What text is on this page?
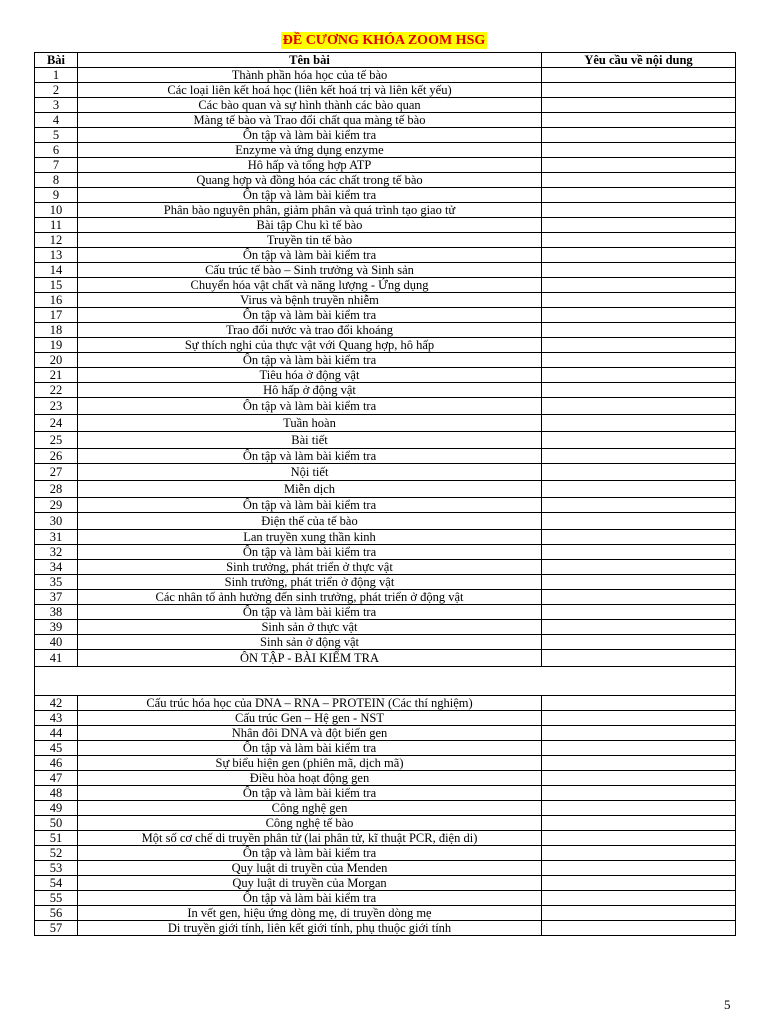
ĐỀ CƯƠNG KHÓA ZOOM HSG
Bài	Tên bài	Yêu cầu về nội dung
1	Thành phần hóa học của tế bào	
2	Các loại liên kết hoá học (liên kết hoá trị và liên kết yếu)	
3	Các bào quan và sự hình thành các bào quan	
4	Màng tế bào và Trao đổi chất qua màng tế bào	
5	Ôn tập và làm bài kiểm tra	
6	Enzyme và ứng dụng enzyme	
7	Hô hấp và tổng hợp ATP	
8	Quang hợp và đồng hóa các chất trong tế bào	
9	Ôn tập và làm bài kiểm tra	
10	Phân bào nguyên phân, giảm phân và quá trình tạo giao tử	
11	Bài tập Chu kì tế bào	
12	Truyền tin tế bào	
13	Ôn tập và làm bài kiểm tra	
14	Cấu trúc tế bào – Sinh trưởng và Sinh sản	
15	Chuyển hóa vật chất và năng lượng - Ứng dụng	
16	Virus và bệnh truyền nhiễm	
17	Ôn tập và làm bài kiểm tra	
18	Trao đổi nước và trao đổi khoáng	
19	Sự thích nghi của thực vật với Quang hợp, hô hấp	
20	Ôn tập và làm bài kiểm tra	
21	Tiêu hóa ở động vật	
22	Hô hấp ở động vật	
23	Ôn tập và làm bài kiểm tra	
24	Tuần hoàn	
25	Bài tiết	
26	Ôn tập và làm bài kiểm tra	
27	Nội tiết	
28	Miễn dịch	
29	Ôn tập và làm bài kiểm tra	
30	Điện thế của tế bào	
31	Lan truyền xung thần kinh	
32	Ôn tập và làm bài kiểm tra	
34	Sinh trưởng, phát triển ở thực vật	
35	Sinh trưởng, phát triển ở động vật	
37	Các nhân tố ảnh hưởng đến sinh trưởng, phát triển ở động vật	
38	Ôn tập và làm bài kiểm tra	
39	Sinh sản ở thực vật	
40	Sinh sản ở động vật	
41	ÔN TẬP - BÀI KIỂM TRA	

42	Cấu trúc hóa học của DNA – RNA – PROTEIN (Các thí nghiệm)	
43	Cấu trúc Gen – Hệ gen - NST	
44	Nhân đôi DNA và đột biến gen	
45	Ôn tập và làm bài kiểm tra	
46	Sự biểu hiện gen (phiên mã, dịch mã)	
47	Điều hòa hoạt động gen	
48	Ôn tập và làm bài kiểm tra	
49	Công nghệ gen	
50	Công nghệ tế bào	
51	Một số cơ chế di truyền phân tử (lai phân tử, kĩ thuật PCR, điện di)	
52	Ôn tập và làm bài kiểm tra	
53	Quy luật di truyền của Menden	
54	Quy luật di truyền của Morgan	
55	Ôn tập và làm bài kiểm tra	
56	In vết gen, hiệu ứng dòng mẹ, di truyền dòng mẹ	
57	Di truyền giới tính, liên kết giới tính, phụ thuộc giới tính	
5
